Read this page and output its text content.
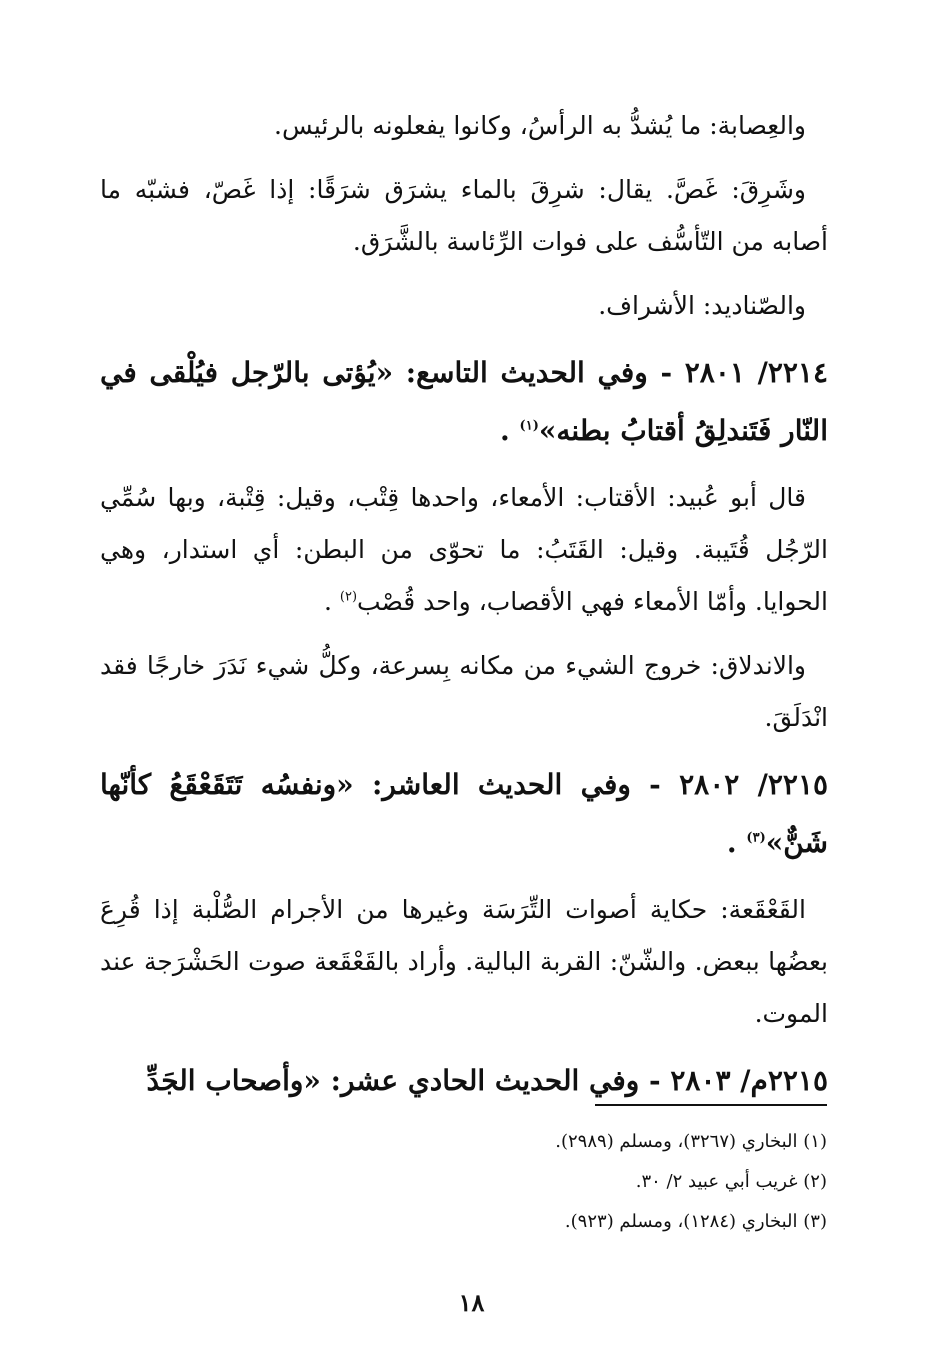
والعِصابة: ما يُشدُّ به الرأسُ، وكانوا يفعلونه بالرئيس.

وشَرِقَ: غَصَّ. يقال: شرِقَ بالماء يشرَق شرَقًا: إذا غَصّ، فشبّه ما أصابه من التّأسُّف على فوات الرِّئاسة بالشَّرَق.

والصّناديد: الأشراف.

٢٢١٤/ ٢٨٠١ - وفي الحديث التاسع: «يُؤتى بالرّجل فيُلْقى في النّار فَتَندلِقُ أقتابُ بطنه»$^{(١)}$ .

قال أبو عُبيد: الأقتاب: الأمعاء، واحدها قِتْب، وقيل: قِتْبة، وبها سُمِّي الرّجُل قُتَيبة. وقيل: القَتَبُ: ما تحوّى من البطن: أي استدار، وهي الحوايا. وأمّا الأمعاء فهي الأقصاب، واحد قُصْب$^{(٢)}$ .

والاندلاق: خروج الشيء من مكانه بِسرعة، وكلُّ شيء نَدَرَ خارجًا فقد انْدَلَقَ.

٢٢١٥/ ٢٨٠٢ - وفي الحديث العاشر: «ونفسُه تَتَقَعْقَعُ كأنّها شَنٌّ»$^{(٣)}$ .

القَعْقَعة: حكاية أصوات التِّرَسَة وغيرها من الأجرام الصُّلْبة إذا قُرِعَ بعضُها ببعض. والشّنّ: القربة البالية. وأراد بالقَعْقَعة صوت الحَشْرَجة عند الموت.

٢٢١٥م/ ٢٨٠٣ - وفي الحديث الحادي عشر: «وأصحاب الجَدِّ

(١) البخاري (٣٢٦٧)، ومسلم (٢٩٨٩).

(٢) غريب أبي عبيد ٢/ ٣٠.

(٣) البخاري (١٢٨٤)، ومسلم (٩٢٣).

١٨
